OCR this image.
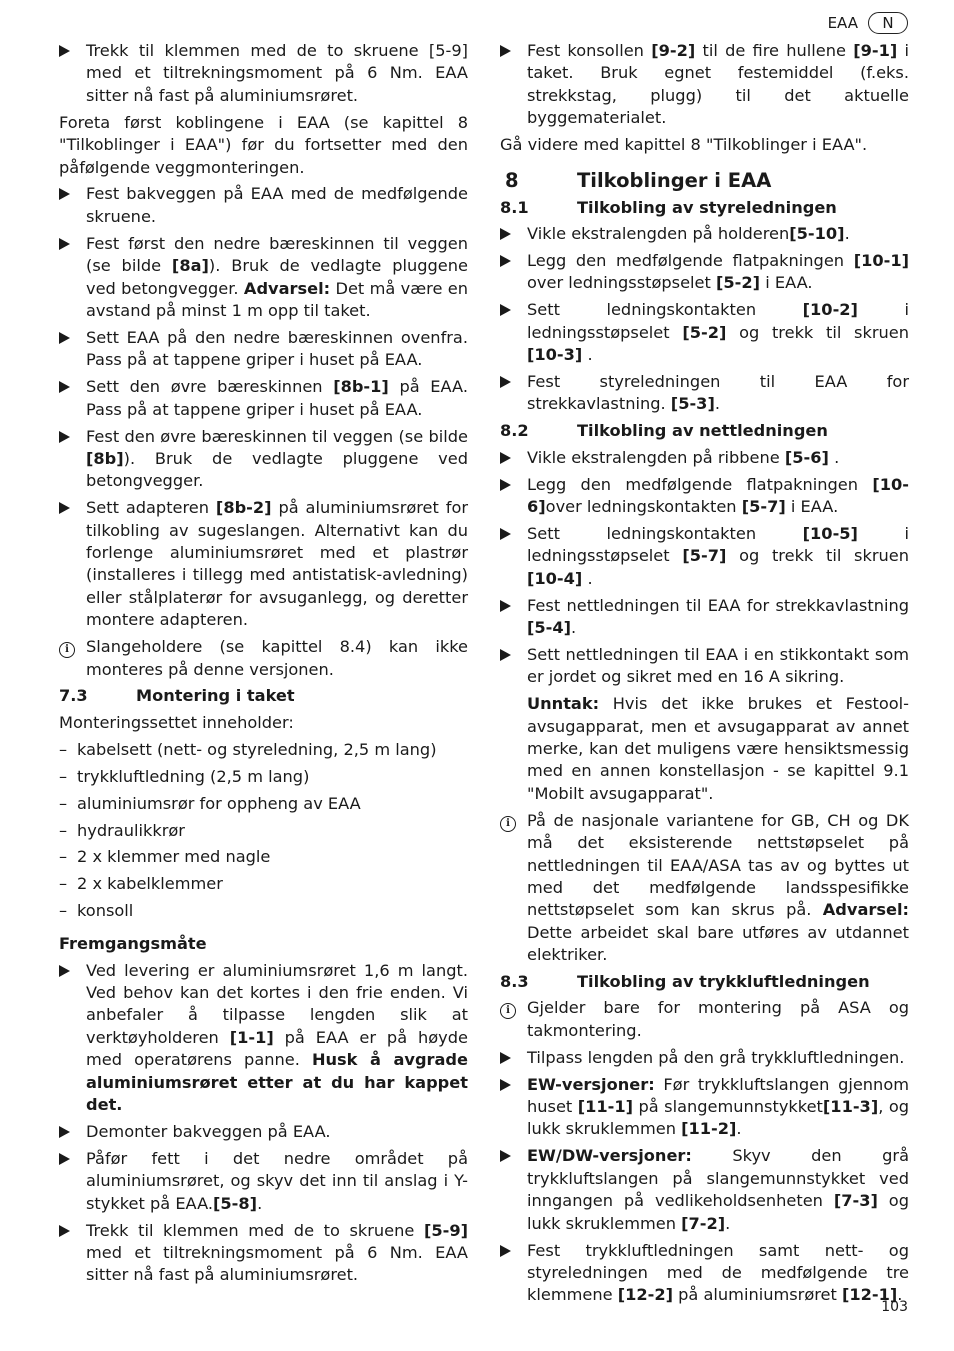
EAA	N
Trekk til klemmen med de to skruene [5-9] med et tiltrekningsmoment på 6 Nm. EAA sitter nå fast på aluminiumsrøret.
Foreta først koblingene i EAA (se kapittel 8 "Tilkoblinger i EAA") før du fortsetter med den påfølgende veggmonteringen.
Fest bakveggen på EAA med de medfølgende skruene.
Fest først den nedre bæreskinnen til veggen (se bilde [8a]). Bruk de vedlagte pluggene ved betongvegger. Advarsel: Det må være en avstand på minst 1 m opp til taket.
Sett EAA på den nedre bæreskinnen ovenfra. Pass på at tappene griper i huset på EAA.
Sett den øvre bæreskinnen [8b-1] på EAA. Pass på at tappene griper i huset på EAA.
Fest den øvre bæreskinnen til veggen (se bilde [8b]). Bruk de vedlagte pluggene ved betongvegger.
Sett adapteren [8b-2] på aluminiumsrøret for tilkobling av sugeslangen. Alternativt kan du forlenge aluminiumsrøret med et plastrør (installeres i tillegg med antistatisk-avledning) eller stålplaterør for avsuganlegg, og deretter montere adapteren.
i	Slangeholdere (se kapittel 8.4) kan ikke monteres på denne versjonen.
7.3	Montering i taket
Monteringssettet inneholder:
– kabelsett (nett- og styreledning, 2,5 m lang)
– trykkluftledning (2,5 m lang)
– aluminiumsrør for oppheng av EAA
– hydraulikkrør
– 2 x klemmer med nagle
– 2 x kabelklemmer
– konsoll
Fremgangsmåte
Ved levering er aluminiumsrøret 1,6 m langt. Ved behov kan det kortes i den frie enden. Vi anbefaler å tilpasse lengden slik at verktøyholderen [1-1] på EAA er på høyde med operatørens panne. Husk å avgrade aluminiumsrøret etter at du har kappet det.
Demonter bakveggen på EAA.
Påfør fett i det nedre området på aluminiumsrøret, og skyv det inn til anslag i Y-stykket på EAA.[5-8].
Trekk til klemmen med de to skruene [5-9] med et tiltrekningsmoment på 6 Nm. EAA sitter nå fast på aluminiumsrøret.
Fest konsollen [9-2] til de fire hullene [9-1] i taket. Bruk egnet festemiddel (f.eks. strekkstag, plugg) til det aktuelle byggematerialet.
Gå videre med kapittel 8 "Tilkoblinger i EAA".
8	Tilkoblinger i EAA
8.1	Tilkobling av styreledningen
Vikle ekstralengden på holderen[5-10].
Legg den medfølgende flatpakningen [10-1] over ledningsstøpselet [5-2] i EAA.
Sett ledningskontakten [10-2] i ledningsstøpselet [5-2] og trekk til skruen [10-3] .
Fest styreledningen til EAA for strekkavlastning. [5-3].
8.2	Tilkobling av nettledningen
Vikle ekstralengden på ribbene [5-6] .
Legg den medfølgende flatpakningen [10-6]over ledningskontakten [5-7] i EAA.
Sett ledningskontakten [10-5] i ledningsstøpselet [5-7] og trekk til skruen [10-4] .
Fest nettledningen til EAA for strekkavlastning [5-4].
Sett nettledningen til EAA i en stikkontakt som er jordet og sikret med en 16 A sikring.
Unntak: Hvis det ikke brukes et Festool-avsugapparat, men et avsugapparat av annet merke, kan det muligens være hensiktsmessig med en annen konstellasjon - se kapittel 9.1 "Mobilt avsugapparat".
i	På de nasjonale variantene for GB, CH og DK må det eksisterende nettstøpselet på nettledningen til EAA/ASA tas av og byttes ut med det medfølgende landsspesifikke nettstøpselet som kan skrus på. Advarsel: Dette arbeidet skal bare utføres av utdannet elektriker.
8.3	Tilkobling av trykkluftledningen
i	Gjelder bare for montering på ASA og takmontering.
Tilpass lengden på den grå trykkluftledningen.
EW-versjoner: Før trykkluftslangen gjennom huset [11-1] på slangemunnstykket[11-3], og lukk skruklemmen [11-2].
EW/DW-versjoner: Skyv den grå trykkluftslangen på slangemunnstykket ved inngangen på vedlikeholdsenheten [7-3] og lukk skruklemmen [7-2].
Fest trykkluftledningen samt nett- og styreledningen med de medfølgende tre klemmene [12-2] på aluminiumsrøret [12-1].
103
